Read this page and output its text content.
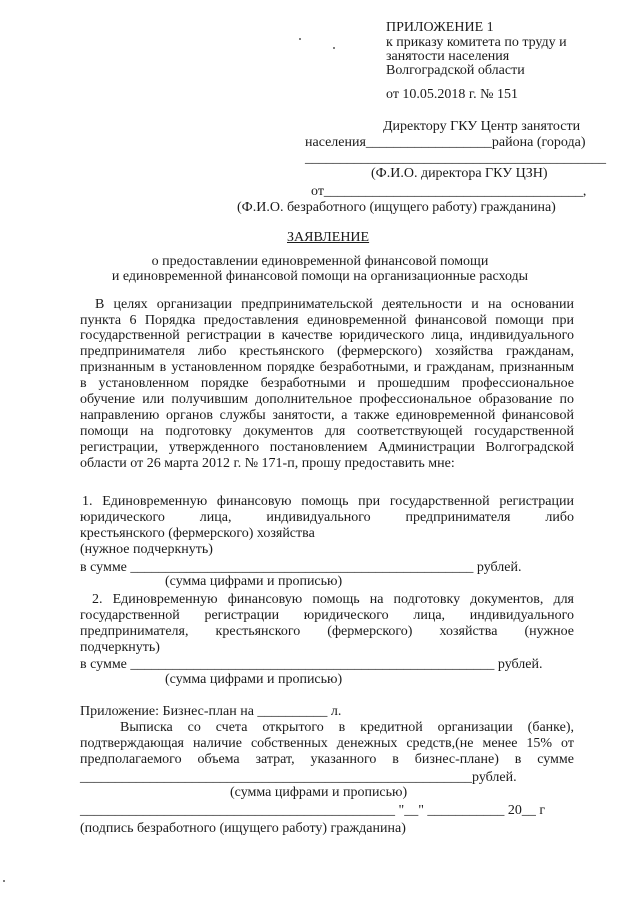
ПРИЛОЖЕНИЕ 1
к приказу комитета по труду и
занятости населения
Волгоградской области
от 10.05.2018 г. № 151
Директору ГКУ Центр занятости
населения__________________района (города)
___________________________________________
(Ф.И.О. директора ГКУ ЦЗН)
от_____________________________________,
(Ф.И.О. безработного (ищущего работу) гражданина)
ЗАЯВЛЕНИЕ
о предоставлении единовременной финансовой помощи
и единовременной финансовой помощи на организационные расходы
В целях организации предпринимательской деятельности и на основании
пункта 6 Порядка предоставления единовременной финансовой помощи при
государственной регистрации в качестве юридического лица, индивидуального
предпринимателя либо крестьянского (фермерского) хозяйства гражданам,
признанным в установленном порядке безработными, и гражданам, признанным
в установленном порядке безработными и прошедшим профессиональное
обучение или получившим дополнительное профессиональное образование по
направлению органов службы занятости, а также единовременной финансовой
помощи на подготовку документов для соответствующей государственной
регистрации, утвержденного постановлением Администрации Волгоградской
области от 26 марта 2012 г. № 171-п, прошу предоставить мне:
1. Единовременную финансовую помощь при государственной регистрации
юридического лица, индивидуального предпринимателя либо
крестьянского (фермерского) хозяйства
(нужное подчеркнуть)
в сумме _________________________________________________ рублей.
(сумма цифрами и прописью)
2. Единовременную финансовую помощь на подготовку документов, для
государственной регистрации юридического лица, индивидуального
предпринимателя, крестьянского (фермерского) хозяйства (нужное
подчеркнуть)
в сумме ____________________________________________________ рублей.
(сумма цифрами и прописью)
Приложение: Бизнес-план на __________ л.
Выписка со счета открытого в кредитной организации (банке),
подтверждающая наличие собственных денежных средств,(не менее 15% от
предполагаемого объема затрат, указанного в бизнес-плане) в сумме
________________________________________________________рублей.
(сумма цифрами и прописью)
_____________________________________________ "__" ___________ 20__ г
(подпись безработного (ищущего работу) гражданина)
